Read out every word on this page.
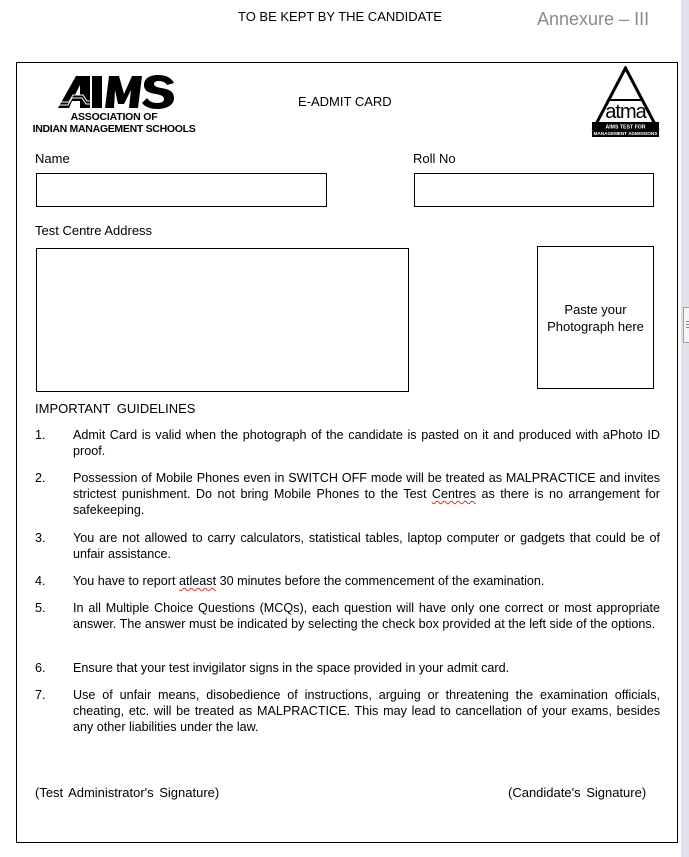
TO BE KEPT BY THE CANDIDATE	Annexure – III
ASSOCIATION OF
INDIAN MANAGEMENT SCHOOLS
E-ADMIT CARD
AIMS TEST FOR
MANAGEMENT ADMISSIONS
atma
Name	Roll No
Test Centre Address
Paste your
Photograph here
IMPORTANT GUIDELINES
1.	Admit Card is valid when the photograph of the candidate is pasted on it and produced with aPhoto ID proof.
2.	Possession of Mobile Phones even in SWITCH OFF mode will be treated as MALPRACTICE and invites strictest punishment. Do not bring Mobile Phones to the Test Centres as there is no arrangement for safekeeping.
3.	You are not allowed to carry calculators, statistical tables, laptop computer or gadgets that could be of unfair assistance.
4.	You have to report atleast 30 minutes before the commencement of the examination.
5.	In all Multiple Choice Questions (MCQs), each question will have only one correct or most appropriate answer. The answer must be indicated by selecting the check box provided at the left side of the options.
6.	Ensure that your test invigilator signs in the space provided in your admit card.
7.	Use of unfair means, disobedience of instructions, arguing or threatening the examination officials, cheating, etc. will be treated as MALPRACTICE. This may lead to cancellation of your exams, besides any other liabilities under the law.
(Test Administrator's Signature)	(Candidate's Signature)
